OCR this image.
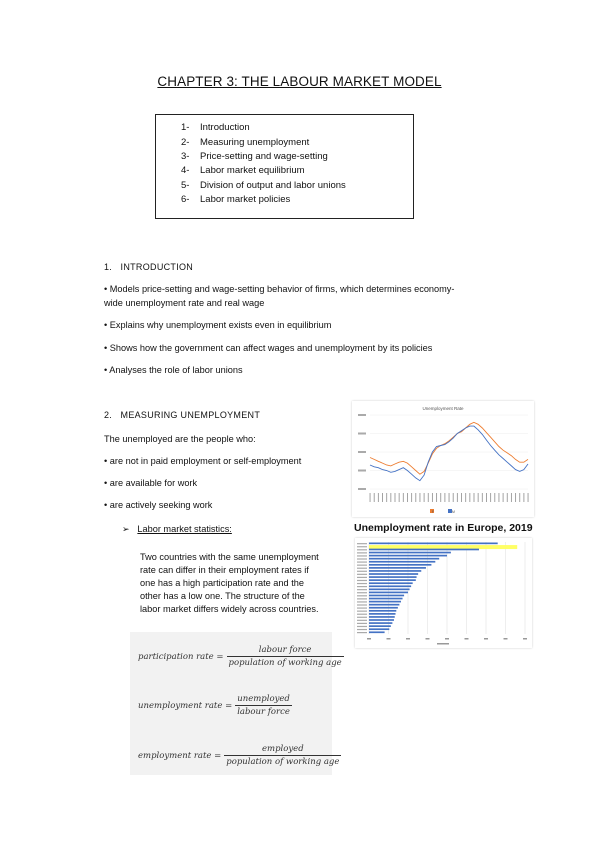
CHAPTER 3: THE LABOUR MARKET MODEL
1- Introduction
2- Measuring unemployment
3- Price-setting and wage-setting
4- Labor market equilibrium
5- Division of output and labor unions
6- Labor market policies
1. INTRODUCTION
• Models price-setting and wage-setting behavior of firms, which determines economy-
wide unemployment rate and real wage
• Explains why unemployment exists even in equilibrium
• Shows how the government can affect wages and unemployment by its policies
• Analyses the role of labor unions
2. MEASURING UNEMPLOYMENT
The unemployed are the people who:
• are not in paid employment or self-employment
• are available for work
• are actively seeking work
➢ Labor market statistics:
Two countries with the same unemployment
rate can differ in their employment rates if
one has a high participation rate and the
other has a low one. The structure of the
labor market differs widely across countries.
participation rate = $\frac{\text{labour force}}{\text{population of working age}}$
unemployment rate = $\frac{\text{unemployed}}{\text{labour force}}$
employment rate = $\frac{\text{employed}}{\text{population of working age}}$
Unemployment Rate
F	M
Unemployment rate in Europe, 2019
